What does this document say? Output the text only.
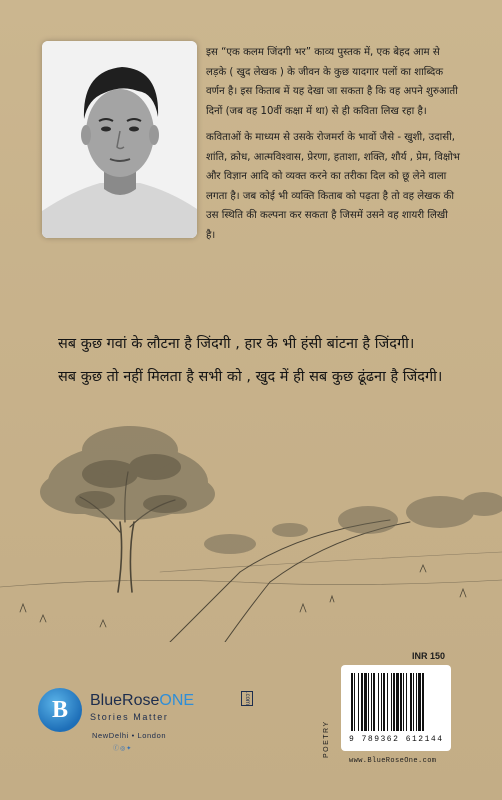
इस “एक कलम जिंदगी भर” काव्य पुस्तक में, एक बेहद आम से लड़के ( खुद लेखक ) के जीवन के कुछ यादगार पलों का शाब्दिक वर्णन है। इस किताब में यह देखा जा सकता है कि वह अपने शुरुआती दिनों (जब वह 10वीं कक्षा में था) से ही कविता लिख रहा है।

कविताओं के माध्यम से उसके रोजमर्रा के भावों जैसे - खुशी, उदासी, शांति, क्रोध, आत्मविश्वास, प्रेरणा, हताशा, शक्ति, शौर्य , प्रेम, विक्षोभ और विज्ञान आदि को व्यक्त करने का तरीका दिल को छू लेने वाला लगता है। जब कोई भी व्यक्ति किताब को पढ़ता है तो वह लेखक की उस स्थिति की कल्पना कर सकता है जिसमें उसने वह शायरी लिखी है।

सब कुछ गवां के लौटना है जिंदगी , हार के भी हंसी बांटना है जिंदगी।
सब कुछ तो नहीं मिलता है सभी को , खुद में ही सब कुछ ढूंढना है जिंदगी।
B	BlueRoseONE	.com
Stories Matter
NewDelhi • London
ⓕ◎✦	POETRY
INR 150
9 789362 612144
www.BlueRoseOne.com
